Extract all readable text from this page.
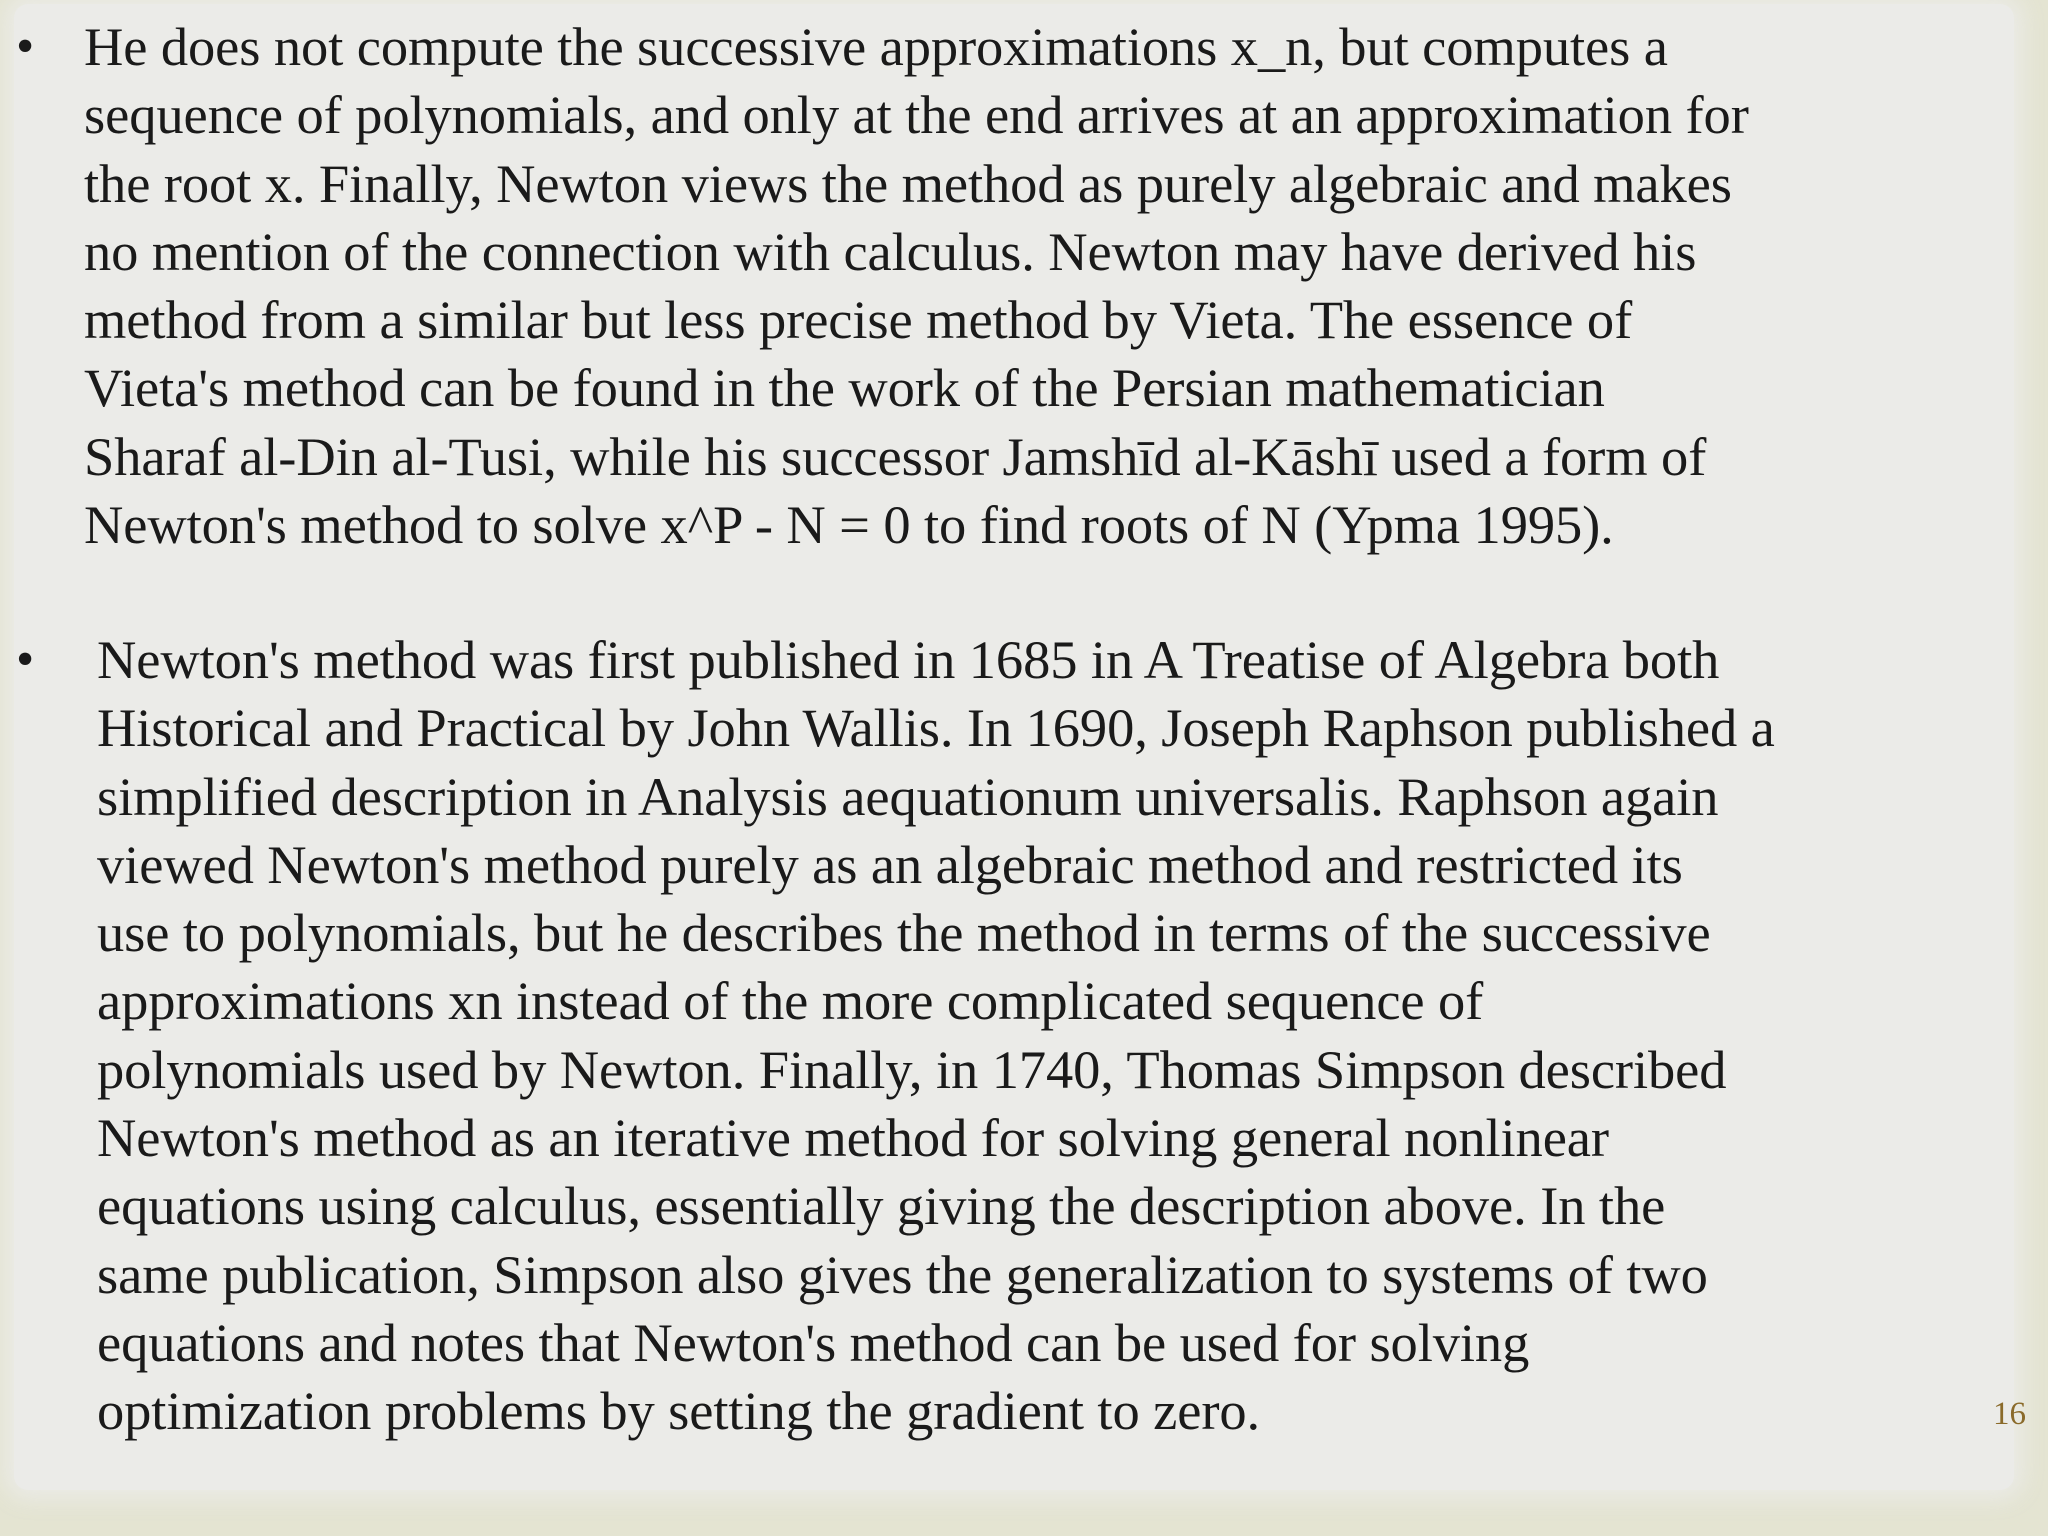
• He does not compute the successive approximations x_n, but computes a
sequence of polynomials, and only at the end arrives at an approximation for
the root x. Finally, Newton views the method as purely algebraic and makes
no mention of the connection with calculus. Newton may have derived his
method from a similar but less precise method by Vieta. The essence of
Vieta's method can be found in the work of the Persian mathematician
Sharaf al-Din al-Tusi, while his successor Jamshīd al-Kāshī used a form of
Newton's method to solve x^P - N = 0 to find roots of N (Ypma 1995).

• Newton's method was first published in 1685 in A Treatise of Algebra both
Historical and Practical by John Wallis. In 1690, Joseph Raphson published a
simplified description in Analysis aequationum universalis. Raphson again
viewed Newton's method purely as an algebraic method and restricted its
use to polynomials, but he describes the method in terms of the successive
approximations xn instead of the more complicated sequence of
polynomials used by Newton. Finally, in 1740, Thomas Simpson described
Newton's method as an iterative method for solving general nonlinear
equations using calculus, essentially giving the description above. In the
same publication, Simpson also gives the generalization to systems of two
equations and notes that Newton's method can be used for solving
optimization problems by setting the gradient to zero.	16
